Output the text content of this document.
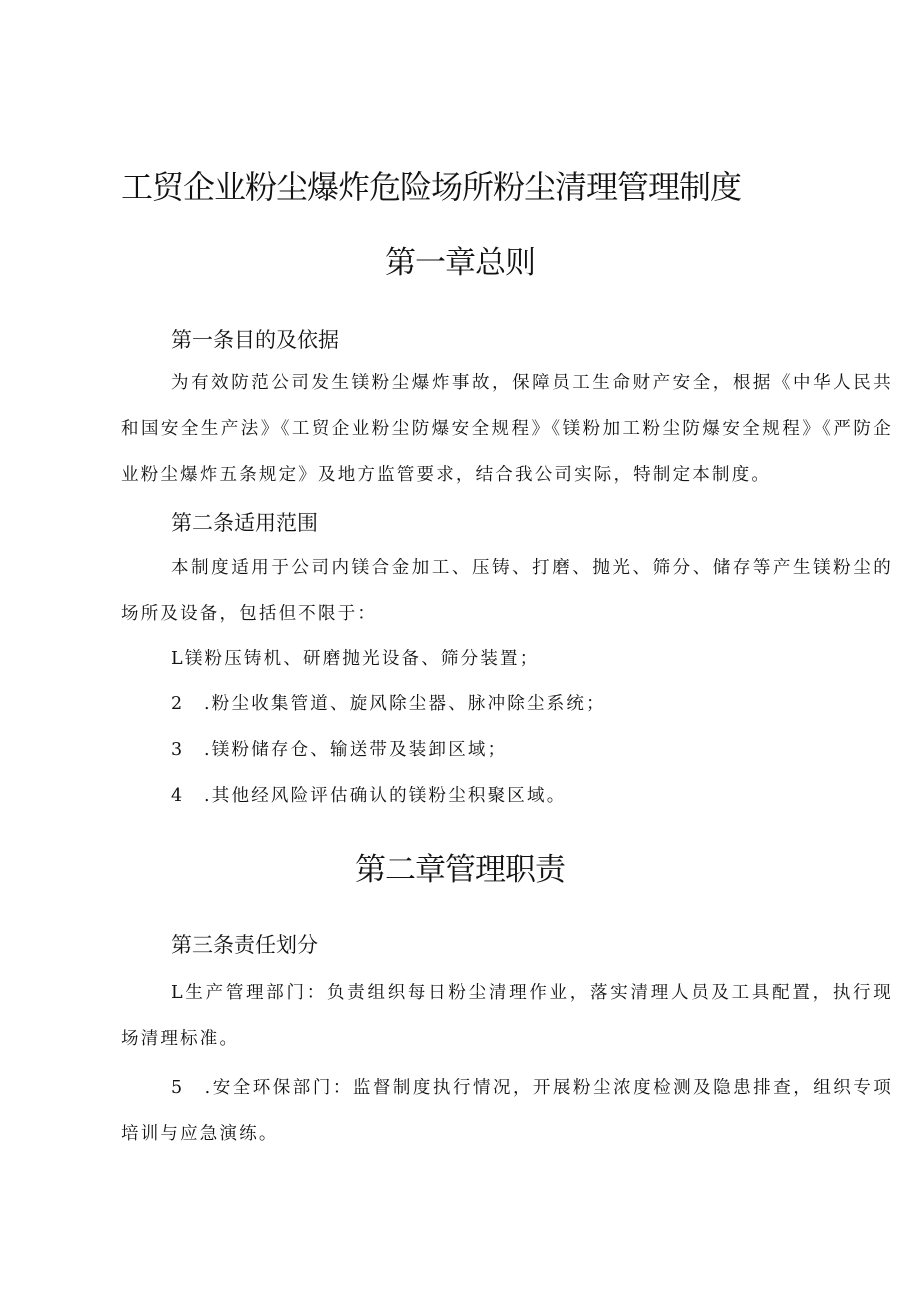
工贸企业粉尘爆炸危险场所粉尘清理管理制度
第一章总则
第一条目的及依据

为有效防范公司发生镁粉尘爆炸事故，保障员工生命财产安全，根据《中华人民共和国安全生产法》《工贸企业粉尘防爆安全规程》《镁粉加工粉尘防爆安全规程》《严防企业粉尘爆炸五条规定》及地方监管要求，结合我公司实际，特制定本制度。

第二条适用范围

本制度适用于公司内镁合金加工、压铸、打磨、抛光、筛分、储存等产生镁粉尘的场所及设备，包括但不限于：

L镁粉压铸机、研磨抛光设备、筛分装置；
2　.粉尘收集管道、旋风除尘器、脉冲除尘系统；
3　.镁粉储存仓、输送带及装卸区域；
4　.其他经风险评估确认的镁粉尘积聚区域。
第二章管理职责
第三条责任划分

L生产管理部门：负责组织每日粉尘清理作业，落实清理人员及工具配置，执行现场清理标准。

5　.安全环保部门：监督制度执行情况，开展粉尘浓度检测及隐患排查，组织专项培训与应急演练。
